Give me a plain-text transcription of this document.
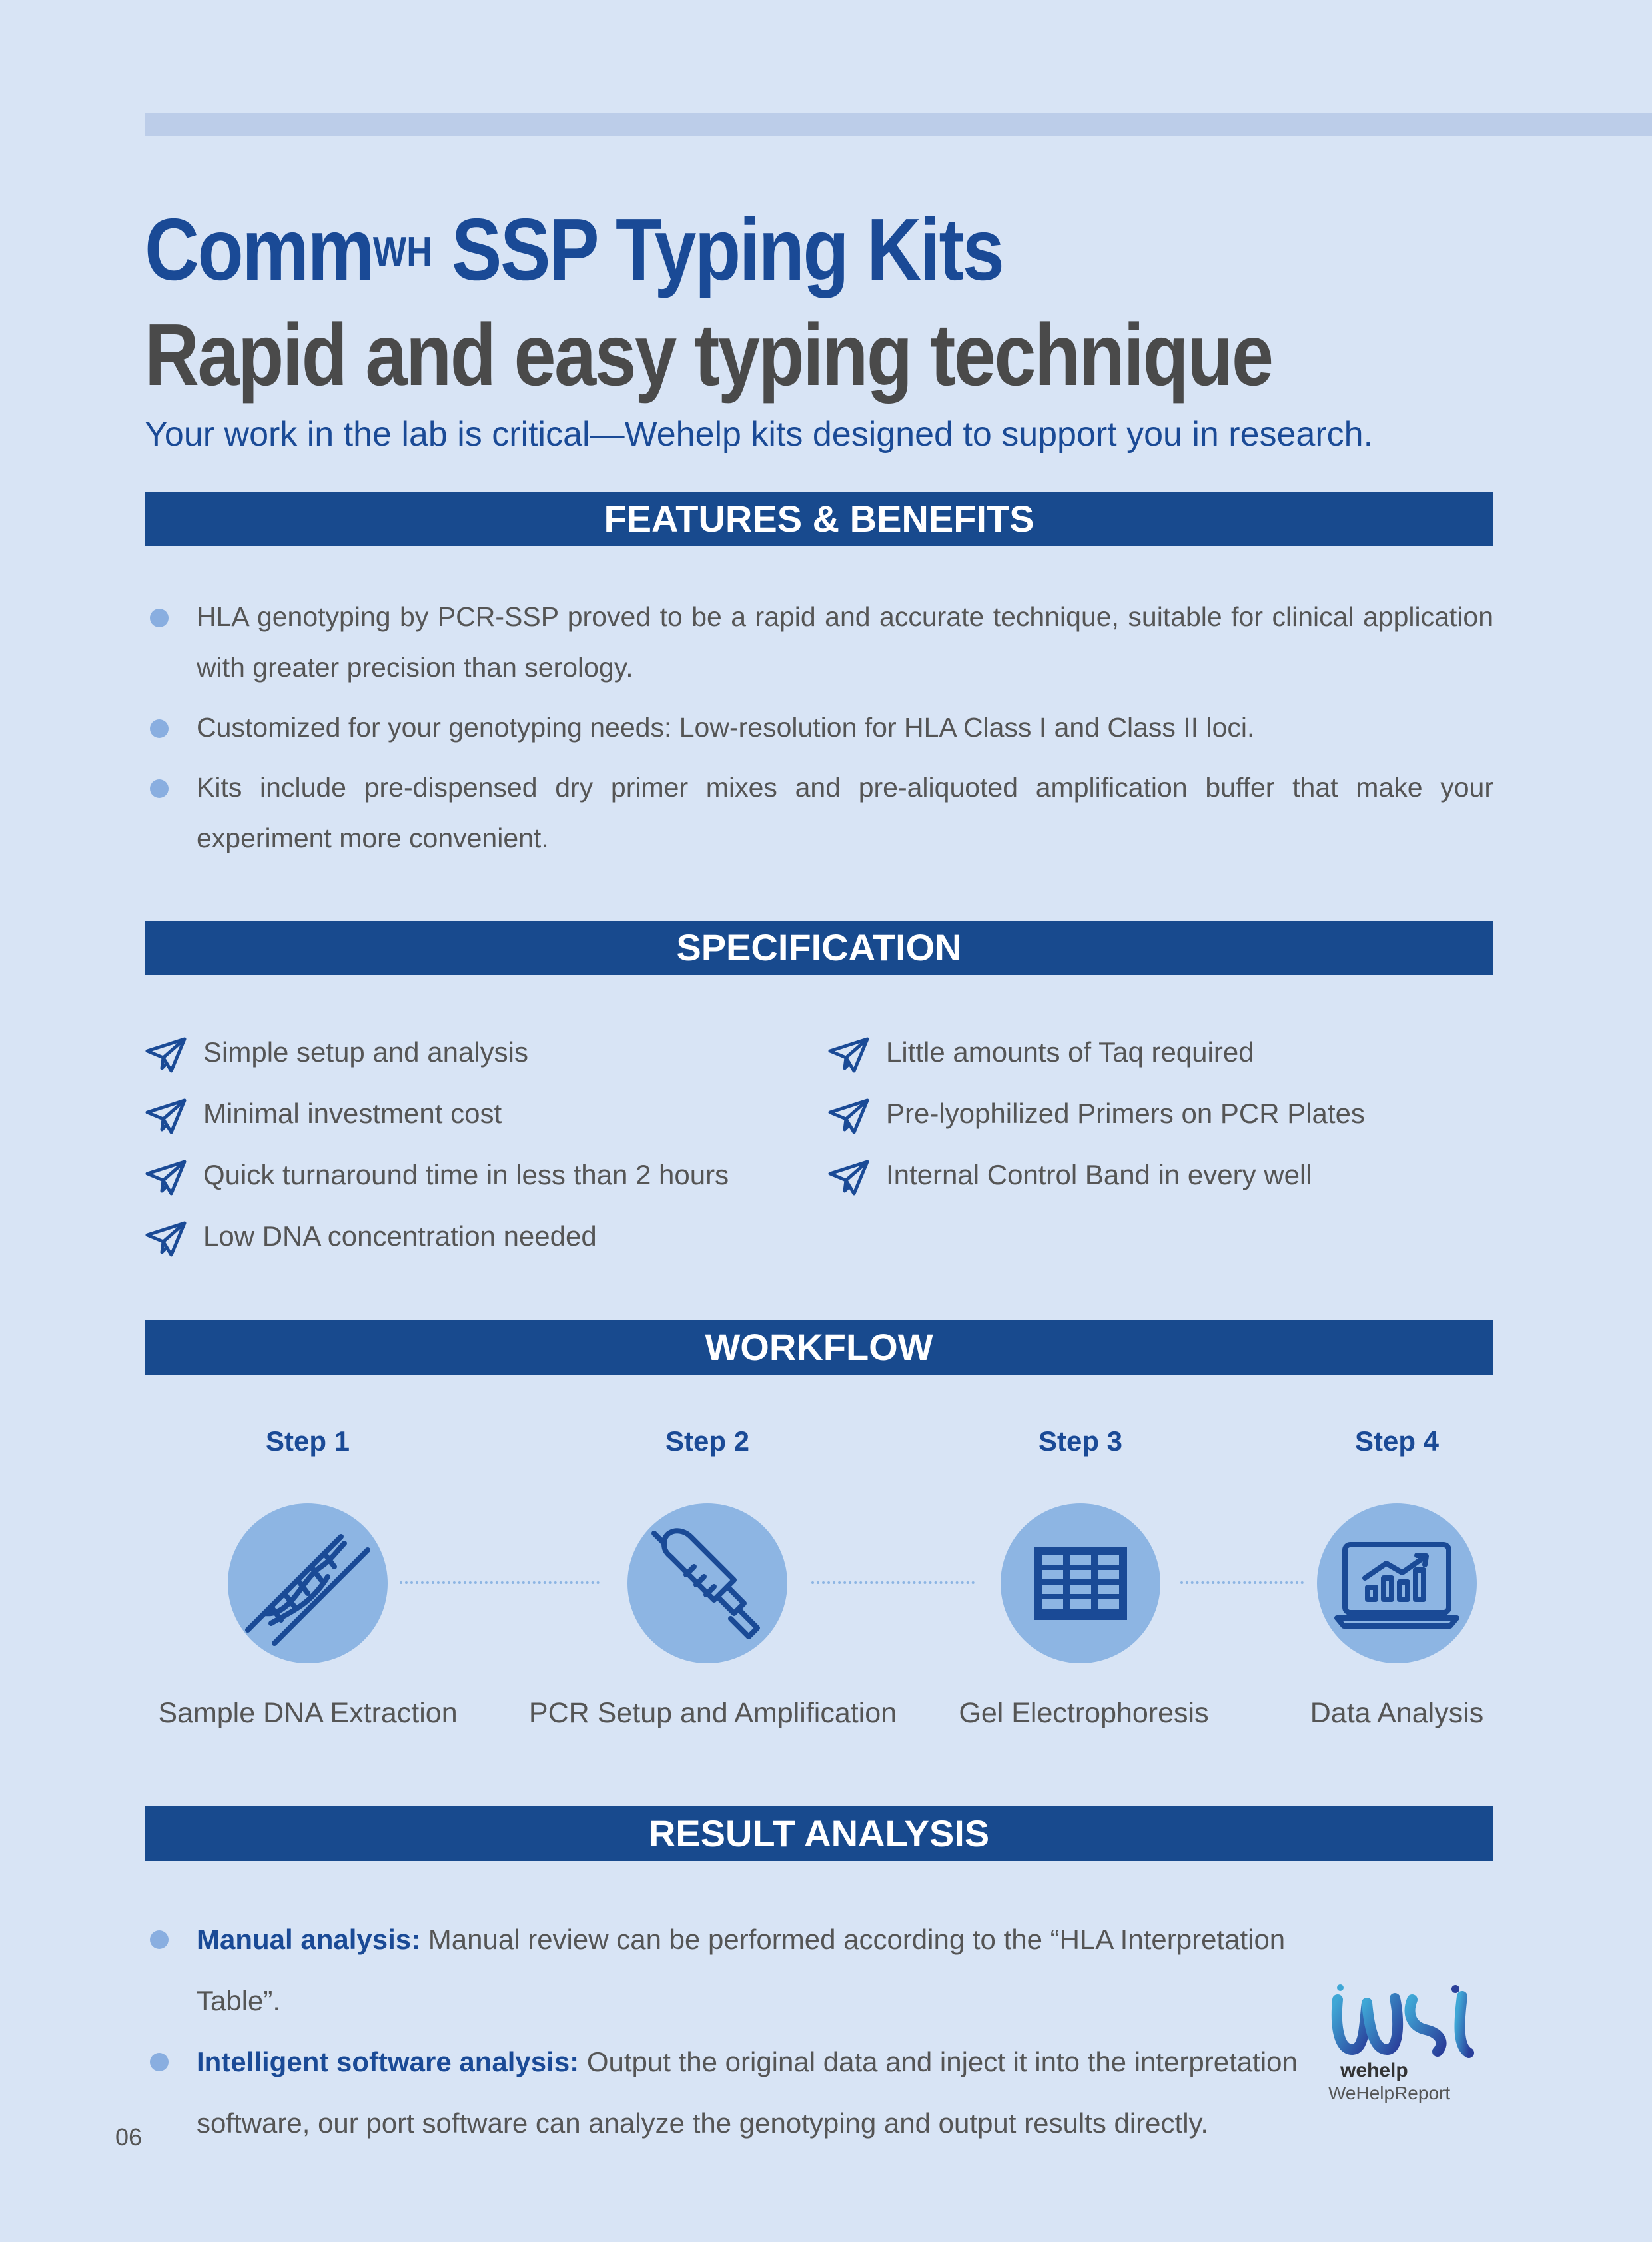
Comm$^{WH}$ SSP Typing Kits
Rapid and easy typing technique
Your work in the lab is critical—Wehelp kits designed to support you in research.
FEATURES & BENEFITS
HLA genotyping by PCR-SSP proved to be a rapid and accurate technique, suitable for clinical application with greater precision than serology.
Customized for your genotyping needs: Low-resolution for HLA Class I and Class II loci.
Kits include pre-dispensed dry primer mixes and pre-aliquoted amplification buffer that make your experiment more convenient.
SPECIFICATION
Simple setup and analysis
Minimal investment cost
Quick turnaround time in less than 2 hours
Low DNA concentration needed
Little amounts of Taq required
Pre-lyophilized Primers on PCR Plates
Internal Control Band in every well
WORKFLOW
Step 1	Step 2	Step 3	Step 4
Sample DNA Extraction	PCR Setup and Amplification	Gel Electrophoresis	Data Analysis
RESULT ANALYSIS
Manual analysis: Manual review can be performed according to the “HLA Interpretation Table”.
Intelligent software analysis: Output the original data and inject it into the interpretation software, our port software can analyze the genotyping and output results directly.
wehelp
WeHelpReport
06
